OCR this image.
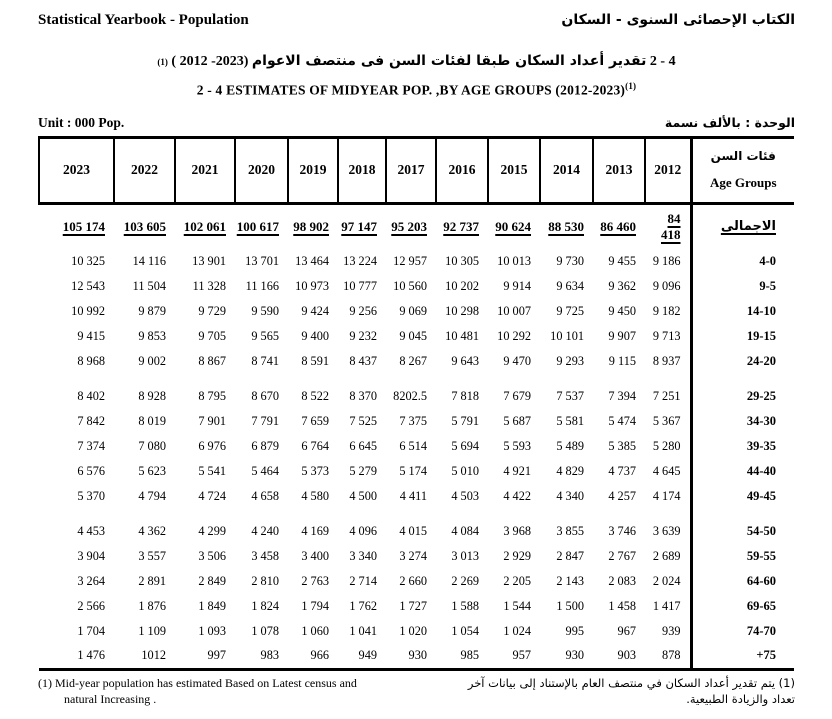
Statistical Yearbook - Population	الكتاب الإحصائى السنوى - السكان
(1) ( 2012 -2023) تقدير أعداد السكان طبقا لفئات السن فى منتصف الاعوام 2 - 4
2 - 4 ESTIMATES OF MIDYEAR POP. ,BY AGE GROUPS (2012-2023)$^{(1)}$
Unit : 000 Pop.	الوحدة : بالألف نسمة
2023	2022	2021	2020	2019	2018	2017	2016	2015	2014	2013	2012	فئات السن
Age Groups

105 174	103 605	102 061	100 617	98 902	97 147	95 203	92 737	90 624	88 530	86 460	84 418	الاجمالى
10 325	14 116	13 901	13 701	13 464	13 224	12 957	10 305	10 013	9 730	9 455	9 186	4-0
12 543	11 504	11 328	11 166	10 973	10 777	10 560	10 202	9 914	9 634	9 362	9 096	9-5
10 992	9 879	9 729	9 590	9 424	9 256	9 069	10 298	10 007	9 725	9 450	9 182	14-10
9 415	9 853	9 705	9 565	9 400	9 232	9 045	10 481	10 292	10 101	9 907	9 713	19-15
8 968	9 002	8 867	8 741	8 591	8 437	8 267	9 643	9 470	9 293	9 115	8 937	24-20
8 402	8 928	8 795	8 670	8 522	8 370	8202.5	7 818	7 679	7 537	7 394	7 251	29-25
7 842	8 019	7 901	7 791	7 659	7 525	7 375	5 791	5 687	5 581	5 474	5 367	34-30
7 374	7 080	6 976	6 879	6 764	6 645	6 514	5 694	5 593	5 489	5 385	5 280	39-35
6 576	5 623	5 541	5 464	5 373	5 279	5 174	5 010	4 921	4 829	4 737	4 645	44-40
5 370	4 794	4 724	4 658	4 580	4 500	4 411	4 503	4 422	4 340	4 257	4 174	49-45
4 453	4 362	4 299	4 240	4 169	4 096	4 015	4 084	3 968	3 855	3 746	3 639	54-50
3 904	3 557	3 506	3 458	3 400	3 340	3 274	3 013	2 929	2 847	2 767	2 689	59-55
3 264	2 891	2 849	2 810	2 763	2 714	2 660	2 269	2 205	2 143	2 083	2 024	64-60
2 566	1 876	1 849	1 824	1 794	1 762	1 727	1 588	1 544	1 500	1 458	1 417	69-65
1 704	1 109	1 093	1 078	1 060	1 041	1 020	1 054	1 024	995	967	939	74-70
1 476	1012	997	983	966	949	930	985	957	930	903	878	+75
(1) Mid-year population has estimated Based on Latest census and
natural Increasing .
(1) يتم تقدير أعداد السكان في منتصف العام بالإستناد إلى بيانات آخر
تعداد والزيادة الطبيعية.
